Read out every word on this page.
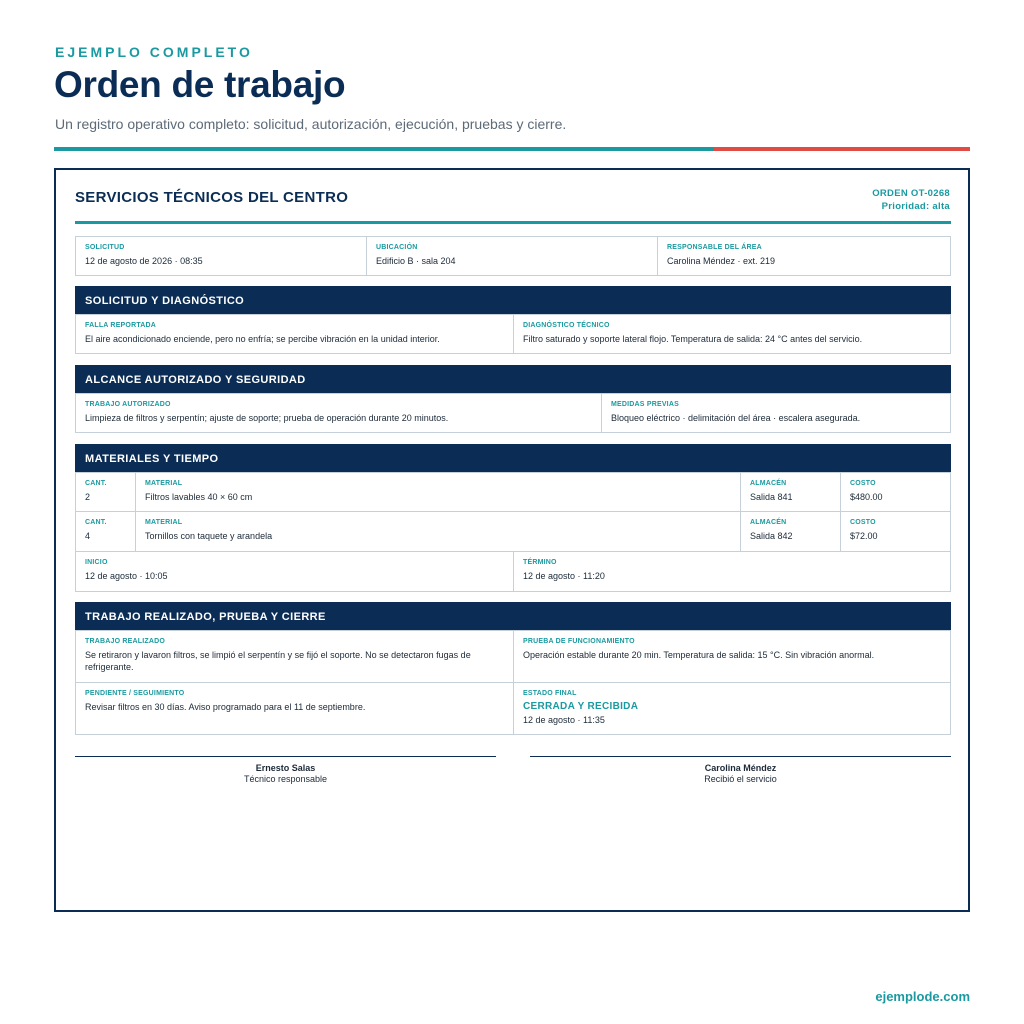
EJEMPLO COMPLETO
Orden de trabajo
Un registro operativo completo: solicitud, autorización, ejecución, pruebas y cierre.
SERVICIOS TÉCNICOS DEL CENTRO	ORDEN OT-0268
Prioridad: alta
SOLICITUD
12 de agosto de 2026 · 08:35
UBICACIÓN
Edificio B · sala 204
RESPONSABLE DEL ÁREA
Carolina Méndez · ext. 219
SOLICITUD Y DIAGNÓSTICO
FALLA REPORTADA
El aire acondicionado enciende, pero no enfría; se percibe vibración en la unidad interior.
DIAGNÓSTICO TÉCNICO
Filtro saturado y soporte lateral flojo. Temperatura de salida: 24 °C antes del servicio.
ALCANCE AUTORIZADO Y SEGURIDAD
TRABAJO AUTORIZADO
Limpieza de filtros y serpentín; ajuste de soporte; prueba de operación durante 20 minutos.
MEDIDAS PREVIAS
Bloqueo eléctrico · delimitación del área · escalera asegurada.
MATERIALES Y TIEMPO
CANT.
2
MATERIAL
Filtros lavables 40 × 60 cm
ALMACÉN
Salida 841
COSTO
$480.00
CANT.
4
MATERIAL
Tornillos con taquete y arandela
ALMACÉN
Salida 842
COSTO
$72.00
INICIO
12 de agosto · 10:05
TÉRMINO
12 de agosto · 11:20
TRABAJO REALIZADO, PRUEBA Y CIERRE
TRABAJO REALIZADO
Se retiraron y lavaron filtros, se limpió el serpentín y se fijó el soporte. No se detectaron fugas de refrigerante.
PRUEBA DE FUNCIONAMIENTO
Operación estable durante 20 min. Temperatura de salida: 15 °C. Sin vibración anormal.
PENDIENTE / SEGUIMIENTO
Revisar filtros en 30 días. Aviso programado para el 11 de septiembre.
ESTADO FINAL
CERRADA Y RECIBIDA
12 de agosto · 11:35
Ernesto Salas
Técnico responsable
Carolina Méndez
Recibió el servicio
ejemplode.com
